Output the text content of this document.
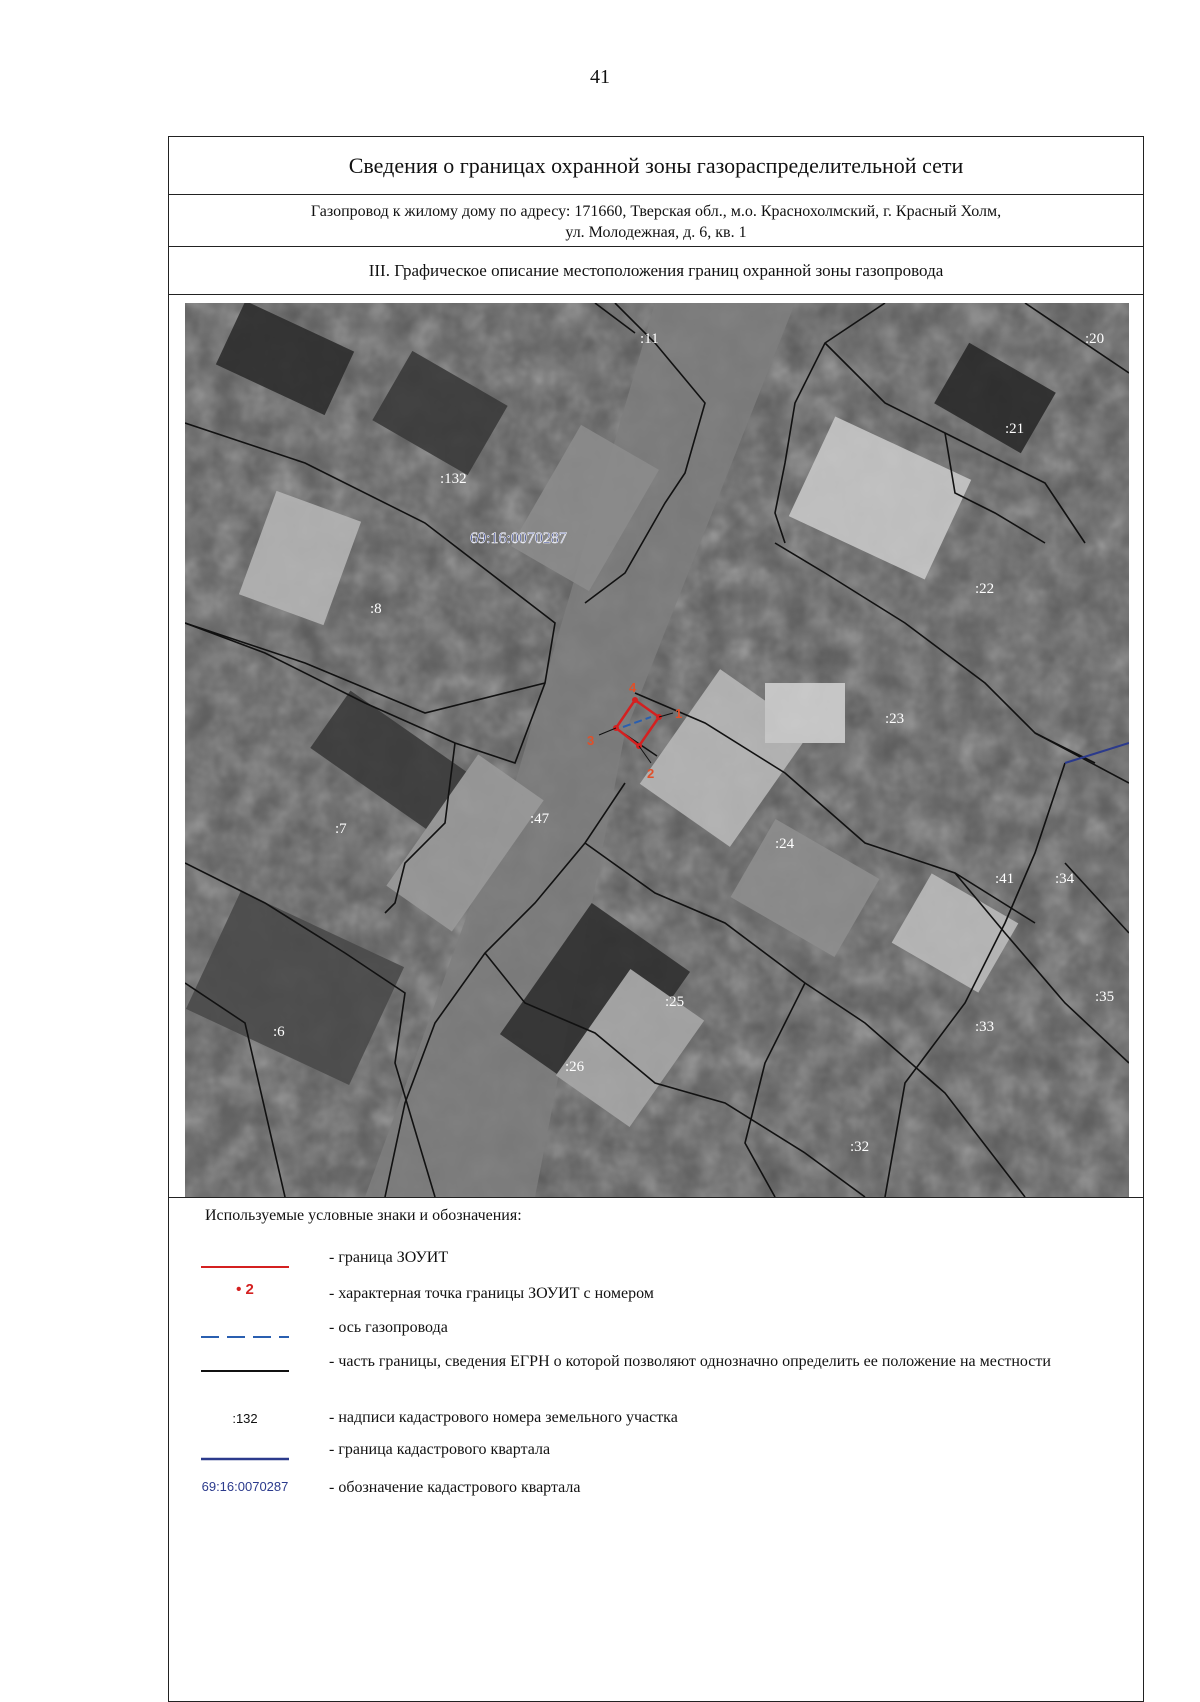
41
Сведения о границах охранной зоны газораспределительной сети
Газопровод к жилому дому по адресу: 171660, Тверская обл., м.о. Краснохолмский, г. Красный Холм,
ул. Молодежная, д. 6, кв. 1
III. Графическое описание местоположения границ охранной зоны газопровода
:11	:20
:21
:132
:22
:8
:23
:7
:47
:24
:41	:34
:35
:25
:33
:6
:26
:32
69:16:0070287
1
2
3
4
Используемые условные знаки и обозначения:
- граница ЗОУИТ
• 2	- характерная точка границы ЗОУИТ с номером
- ось газопровода
- часть границы, сведения ЕГРН о которой позволяют однозначно определить ее положение на местности
:132	- надписи кадастрового номера земельного участка
- граница кадастрового квартала
69:16:0070287	- обозначение кадастрового квартала
